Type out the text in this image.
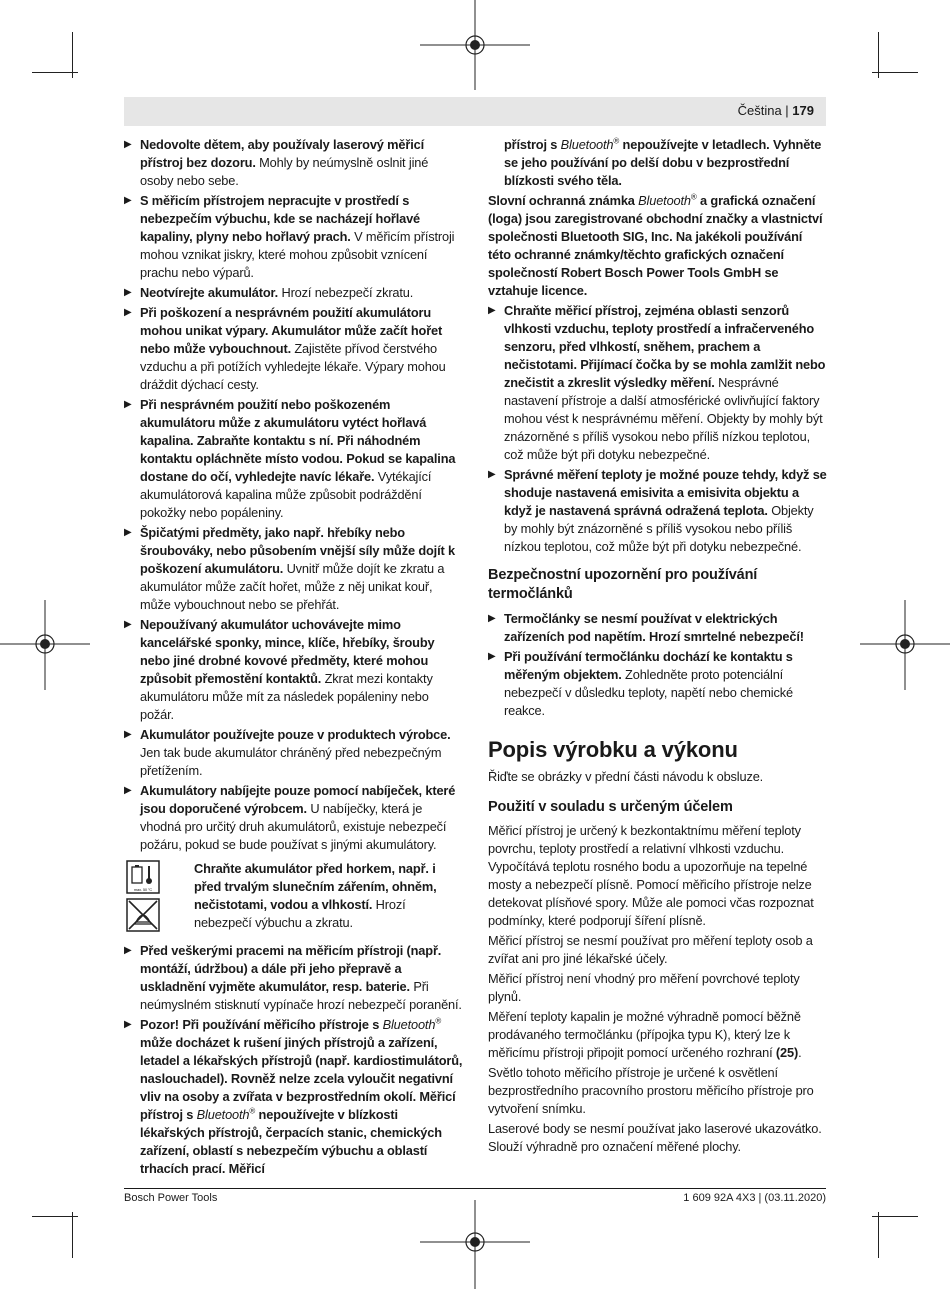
Čeština | 179
▶ Nedovolte dětem, aby používaly laserový měřicí přístroj bez dozoru. Mohly by neúmyslně oslnit jiné osoby nebo sebe.
▶ S měřicím přístrojem nepracujte v prostředí s nebezpečím výbuchu, kde se nacházejí hořlavé kapaliny, plyny nebo hořlavý prach. V měřicím přístroji mohou vznikat jiskry, které mohou způsobit vznícení prachu nebo výparů.
▶ Neotvírejte akumulátor. Hrozí nebezpečí zkratu.
▶ Při poškození a nesprávném použití akumulátoru mohou unikat výpary. Akumulátor může začít hořet nebo může vybouchnout. Zajistěte přívod čerstvého vzduchu a při potížích vyhledejte lékaře. Výpary mohou dráždit dýchací cesty.
▶ Při nesprávném použití nebo poškozeném akumulátoru může z akumulátoru vytéct hořlavá kapalina. Zabraňte kontaktu s ní. Při náhodném kontaktu opláchněte místo vodou. Pokud se kapalina dostane do očí, vyhledejte navíc lékaře. Vytékající akumulátorová kapalina může způsobit podráždění pokožky nebo popáleniny.
▶ Špičatými předměty, jako např. hřebíky nebo šroubováky, nebo působením vnější síly může dojít k poškození akumulátoru. Uvnitř může dojít ke zkratu a akumulátor může začít hořet, může z něj unikat kouř, může vybouchnout nebo se přehřát.
▶ Nepoužívaný akumulátor uchovávejte mimo kancelářské sponky, mince, klíče, hřebíky, šrouby nebo jiné drobné kovové předměty, které mohou způsobit přemostění kontaktů. Zkrat mezi kontakty akumulátoru může mít za následek popáleniny nebo požár.
▶ Akumulátor používejte pouze v produktech výrobce. Jen tak bude akumulátor chráněný před nebezpečným přetížením.
▶ Akumulátory nabíjejte pouze pomocí nabíječek, které jsou doporučené výrobcem. U nabíječky, která je vhodná pro určitý druh akumulátorů, existuje nebezpečí požáru, pokud se bude používat s jinými akumulátory.
max. 50 °C
Chraňte akumulátor před horkem, např. i před trvalým slunečním zářením, ohněm, nečistotami, vodou a vlhkostí. Hrozí nebezpečí výbuchu a zkratu.
▶ Před veškerými pracemi na měřicím přístroji (např. montáží, údržbou) a dále při jeho přepravě a uskladnění vyjměte akumulátor, resp. baterie. Při neúmyslném stisknutí vypínače hrozí nebezpečí poranění.
▶ Pozor! Při používání měřicího přístroje s Bluetooth® může docházet k rušení jiných přístrojů a zařízení, letadel a lékařských přístrojů (např. kardiostimulátorů, naslouchadel). Rovněž nelze zcela vyloučit negativní vliv na osoby a zvířata v bezprostředním okolí. Měřicí přístroj s Bluetooth® nepoužívejte v blízkosti lékařských přístrojů, čerpacích stanic, chemických zařízení, oblastí s nebezpečím výbuchu a oblastí trhacích prací. Měřicí
přístroj s Bluetooth® nepoužívejte v letadlech. Vyhněte se jeho používání po delší dobu v bezprostřední blízkosti svého těla.
Slovní ochranná známka Bluetooth® a grafická označení (loga) jsou zaregistrované obchodní značky a vlastnictví společnosti Bluetooth SIG, Inc. Na jakékoli používání této ochranné známky/těchto grafických označení společností Robert Bosch Power Tools GmbH se vztahuje licence.
▶ Chraňte měřicí přístroj, zejména oblasti senzorů vlhkosti vzduchu, teploty prostředí a infračerveného senzoru, před vlhkostí, sněhem, prachem a nečistotami. Přijímací čočka by se mohla zamlžit nebo znečistit a zkreslit výsledky měření. Nesprávné nastavení přístroje a další atmosférické ovlivňující faktory mohou vést k nesprávnému měření. Objekty by mohly být znázorněné s příliš vysokou nebo příliš nízkou teplotou, což může být při dotyku nebezpečné.
▶ Správné měření teploty je možné pouze tehdy, když se shoduje nastavená emisivita a emisivita objektu a když je nastavená správná odražená teplota. Objekty by mohly být znázorněné s příliš vysokou nebo příliš nízkou teplotou, což může být při dotyku nebezpečné.
Bezpečnostní upozornění pro používání termočlánků
▶ Termočlánky se nesmí používat v elektrických zařízeních pod napětím. Hrozí smrtelné nebezpečí!
▶ Při používání termočlánku dochází ke kontaktu s měřeným objektem. Zohledněte proto potenciální nebezpečí v důsledku teploty, napětí nebo chemické reakce.
Popis výrobku a výkonu
Řiďte se obrázky v přední části návodu k obsluze.
Použití v souladu s určeným účelem
Měřicí přístroj je určený k bezkontaktnímu měření teploty povrchu, teploty prostředí a relativní vlhkosti vzduchu. Vypočítává teplotu rosného bodu a upozorňuje na tepelné mosty a nebezpečí plísně. Pomocí měřicího přístroje nelze detekovat plísňové spory. Může ale pomoci včas rozpoznat podmínky, které podporují šíření plísně.
Měřicí přístroj se nesmí používat pro měření teploty osob a zvířat ani pro jiné lékařské účely.
Měřicí přístroj není vhodný pro měření povrchové teploty plynů.
Měření teploty kapalin je možné výhradně pomocí běžně prodávaného termočlánku (přípojka typu K), který lze k měřicímu přístroji připojit pomocí určeného rozhraní (25).
Světlo tohoto měřicího přístroje je určené k osvětlení bezprostředního pracovního prostoru měřicího přístroje pro vytvoření snímku.
Laserové body se nesmí používat jako laserové ukazovátko. Slouží výhradně pro označení měřené plochy.
Bosch Power Tools	1 609 92A 4X3 | (03.11.2020)
